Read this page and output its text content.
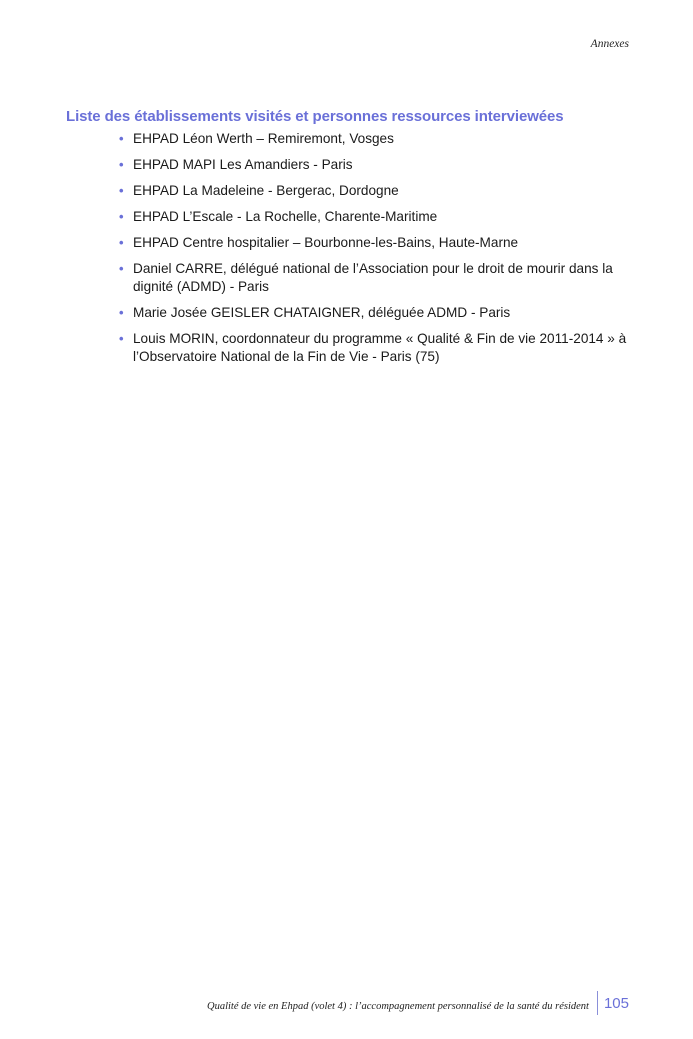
Annexes
Liste des établissements visités et personnes ressources interviewées
• EHPAD Léon Werth – Remiremont, Vosges
• EHPAD MAPI Les Amandiers - Paris
• EHPAD La Madeleine - Bergerac, Dordogne
• EHPAD L’Escale - La Rochelle, Charente-Maritime
• EHPAD Centre hospitalier – Bourbonne-les-Bains, Haute-Marne
• Daniel CARRE, délégué national de l’Association pour le droit de mourir dans la dignité (ADMD) - Paris
• Marie Josée GEISLER CHATAIGNER, déléguée ADMD - Paris
• Louis MORIN, coordonnateur du programme « Qualité & Fin de vie 2011-2014 » à l’Observatoire National de la Fin de Vie - Paris (75)
Qualité de vie en Ehpad (volet 4) : l’accompagnement personnalisé de la santé du résident	105
